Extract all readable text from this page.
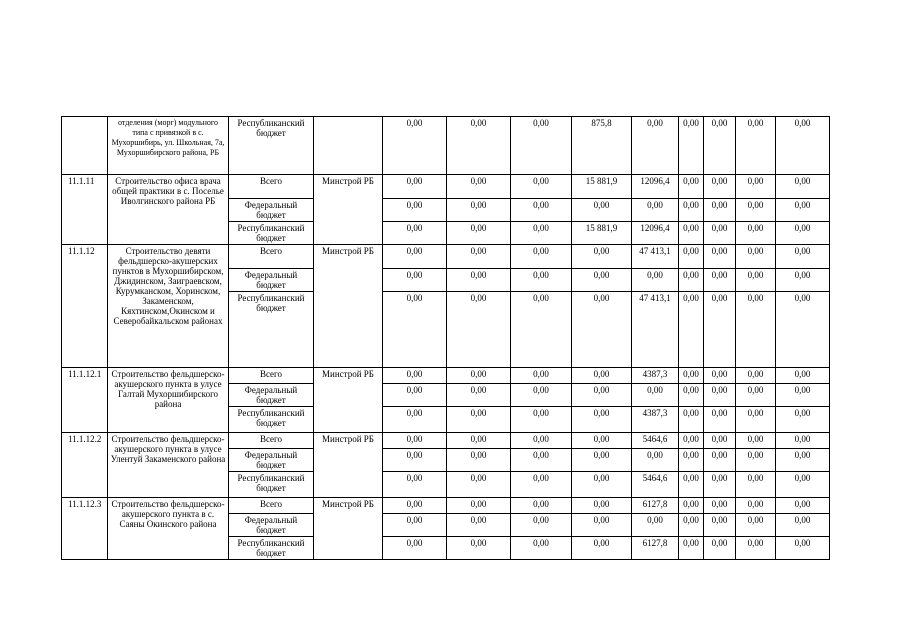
	отделения (морг) модульного типа с привязкой в с. Мухоршибирь, ул. Школьная, 7а, Мухоршибирского района, РБ	Республиканский бюджет		0,00	0,00	0,00	875,8	0,00	0,00	0,00	0,00	0,00
11.1.11	Строительство офиса врача общей практики в с. Поселье Иволгинского района РБ	Всего	Минстрой РБ	0,00	0,00	0,00	15 881,9	12096,4	0,00	0,00	0,00	0,00
		Федеральный бюджет		0,00	0,00	0,00	0,00	0,00	0,00	0,00	0,00	0,00
		Республиканский бюджет		0,00	0,00	0,00	15 881,9	12096,4	0,00	0,00	0,00	0,00
11.1.12	Строительство девяти фельдшерско-акушерских пунктов в Мухоршибирском, Джидинском, Заиграевском, Курумканском, Хоринском, Закаменском, Кяхтинском,Окинском и Северобайкальском районах	Всего	Минстрой РБ	0,00	0,00	0,00	0,00	47 413,1	0,00	0,00	0,00	0,00
		Федеральный бюджет		0,00	0,00	0,00	0,00	0,00	0,00	0,00	0,00	0,00
		Республиканский бюджет		0,00	0,00	0,00	0,00	47 413,1	0,00	0,00	0,00	0,00
11.1.12.1	Строительство фельдшерско-акушерского пункта в улусе Галтай Мухоршибирского района	Всего	Минстрой РБ	0,00	0,00	0,00	0,00	4387,3	0,00	0,00	0,00	0,00
		Федеральный бюджет		0,00	0,00	0,00	0,00	0,00	0,00	0,00	0,00	0,00
		Республиканский бюджет		0,00	0,00	0,00	0,00	4387,3	0,00	0,00	0,00	0,00
11.1.12.2	Строительство фельдшерско-акушерского пункта в улусе Улентуй Закаменского района	Всего	Минстрой РБ	0,00	0,00	0,00	0,00	5464,6	0,00	0,00	0,00	0,00
		Федеральный бюджет		0,00	0,00	0,00	0,00	0,00	0,00	0,00	0,00	0,00
		Республиканский бюджет		0,00	0,00	0,00	0,00	5464,6	0,00	0,00	0,00	0,00
11.1.12.3	Строительство фельдшерско-акушерского пункта в с. Саяны Окинского района	Всего	Минстрой РБ	0,00	0,00	0,00	0,00	6127,8	0,00	0,00	0,00	0,00
		Федеральный бюджет		0,00	0,00	0,00	0,00	0,00	0,00	0,00	0,00	0,00
		Республиканский бюджет		0,00	0,00	0,00	0,00	6127,8	0,00	0,00	0,00	0,00
